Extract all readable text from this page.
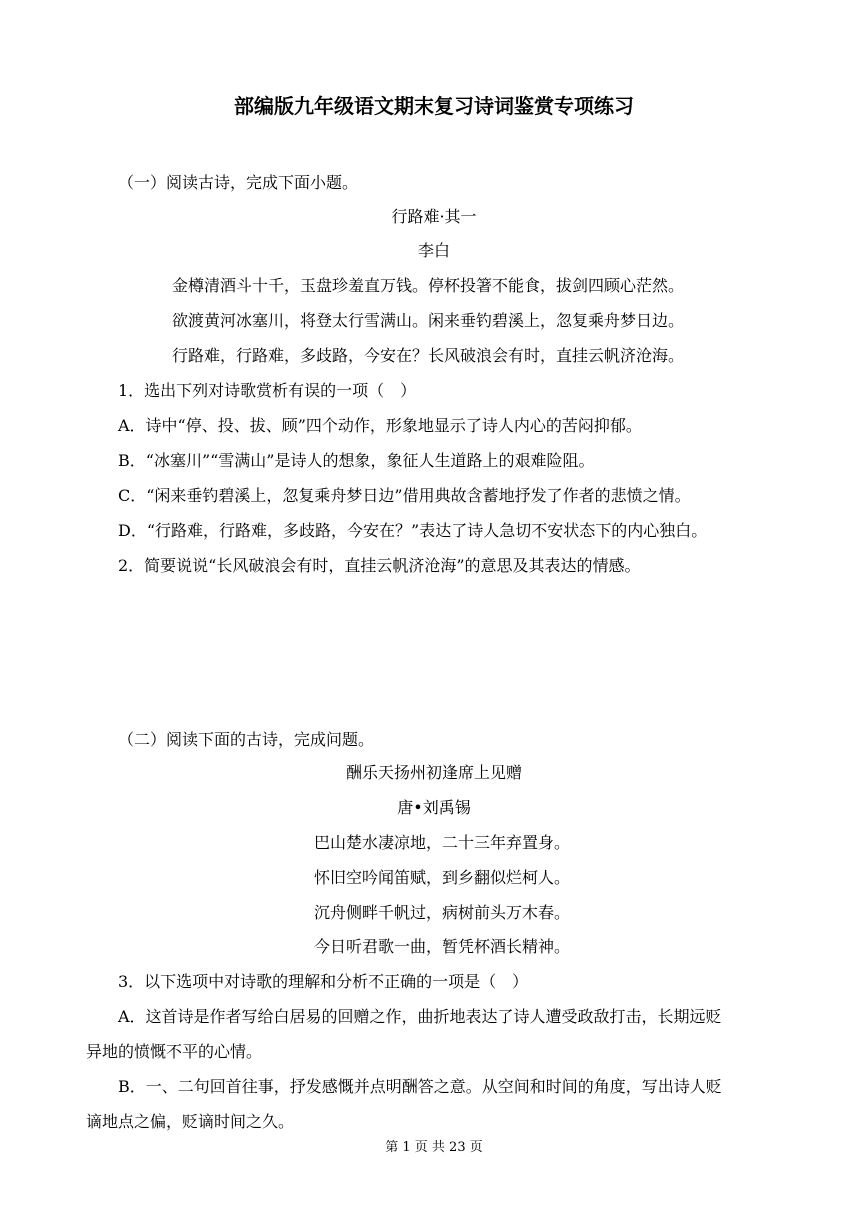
部编版九年级语文期末复习诗词鉴赏专项练习
（一）阅读古诗，完成下面小题。
行路难·其一
李白
金樽清酒斗十千，玉盘珍羞直万钱。停杯投箸不能食，拔剑四顾心茫然。
欲渡黄河冰塞川，将登太行雪满山。闲来垂钓碧溪上，忽复乘舟梦日边。
行路难，行路难，多歧路，今安在？长风破浪会有时，直挂云帆济沧海。
1．选出下列对诗歌赏析有误的一项（　）
A．诗中“停、投、拔、顾”四个动作，形象地显示了诗人内心的苦闷抑郁。
B．“冰塞川”“雪满山”是诗人的想象，象征人生道路上的艰难险阻。
C．“闲来垂钓碧溪上，忽复乘舟梦日边”借用典故含蓄地抒发了作者的悲愤之情。
D．“行路难，行路难，多歧路，今安在？”表达了诗人急切不安状态下的内心独白。
2．简要说说“长风破浪会有时，直挂云帆济沧海”的意思及其表达的情感。
（二）阅读下面的古诗，完成问题。
酬乐天扬州初逢席上见赠
唐•刘禹锡
巴山楚水凄凉地，二十三年弃置身。
怀旧空吟闻笛赋，到乡翻似烂柯人。
沉舟侧畔千帆过，病树前头万木春。
今日听君歌一曲，暂凭杯酒长精神。
3．以下选项中对诗歌的理解和分析不正确的一项是（　）
A．这首诗是作者写给白居易的回赠之作，曲折地表达了诗人遭受政敌打击，长期远贬
异地的愤慨不平的心情。
B．一、二句回首往事，抒发感慨并点明酬答之意。从空间和时间的角度，写出诗人贬
谪地点之偏，贬谪时间之久。
第 1 页 共 23 页
